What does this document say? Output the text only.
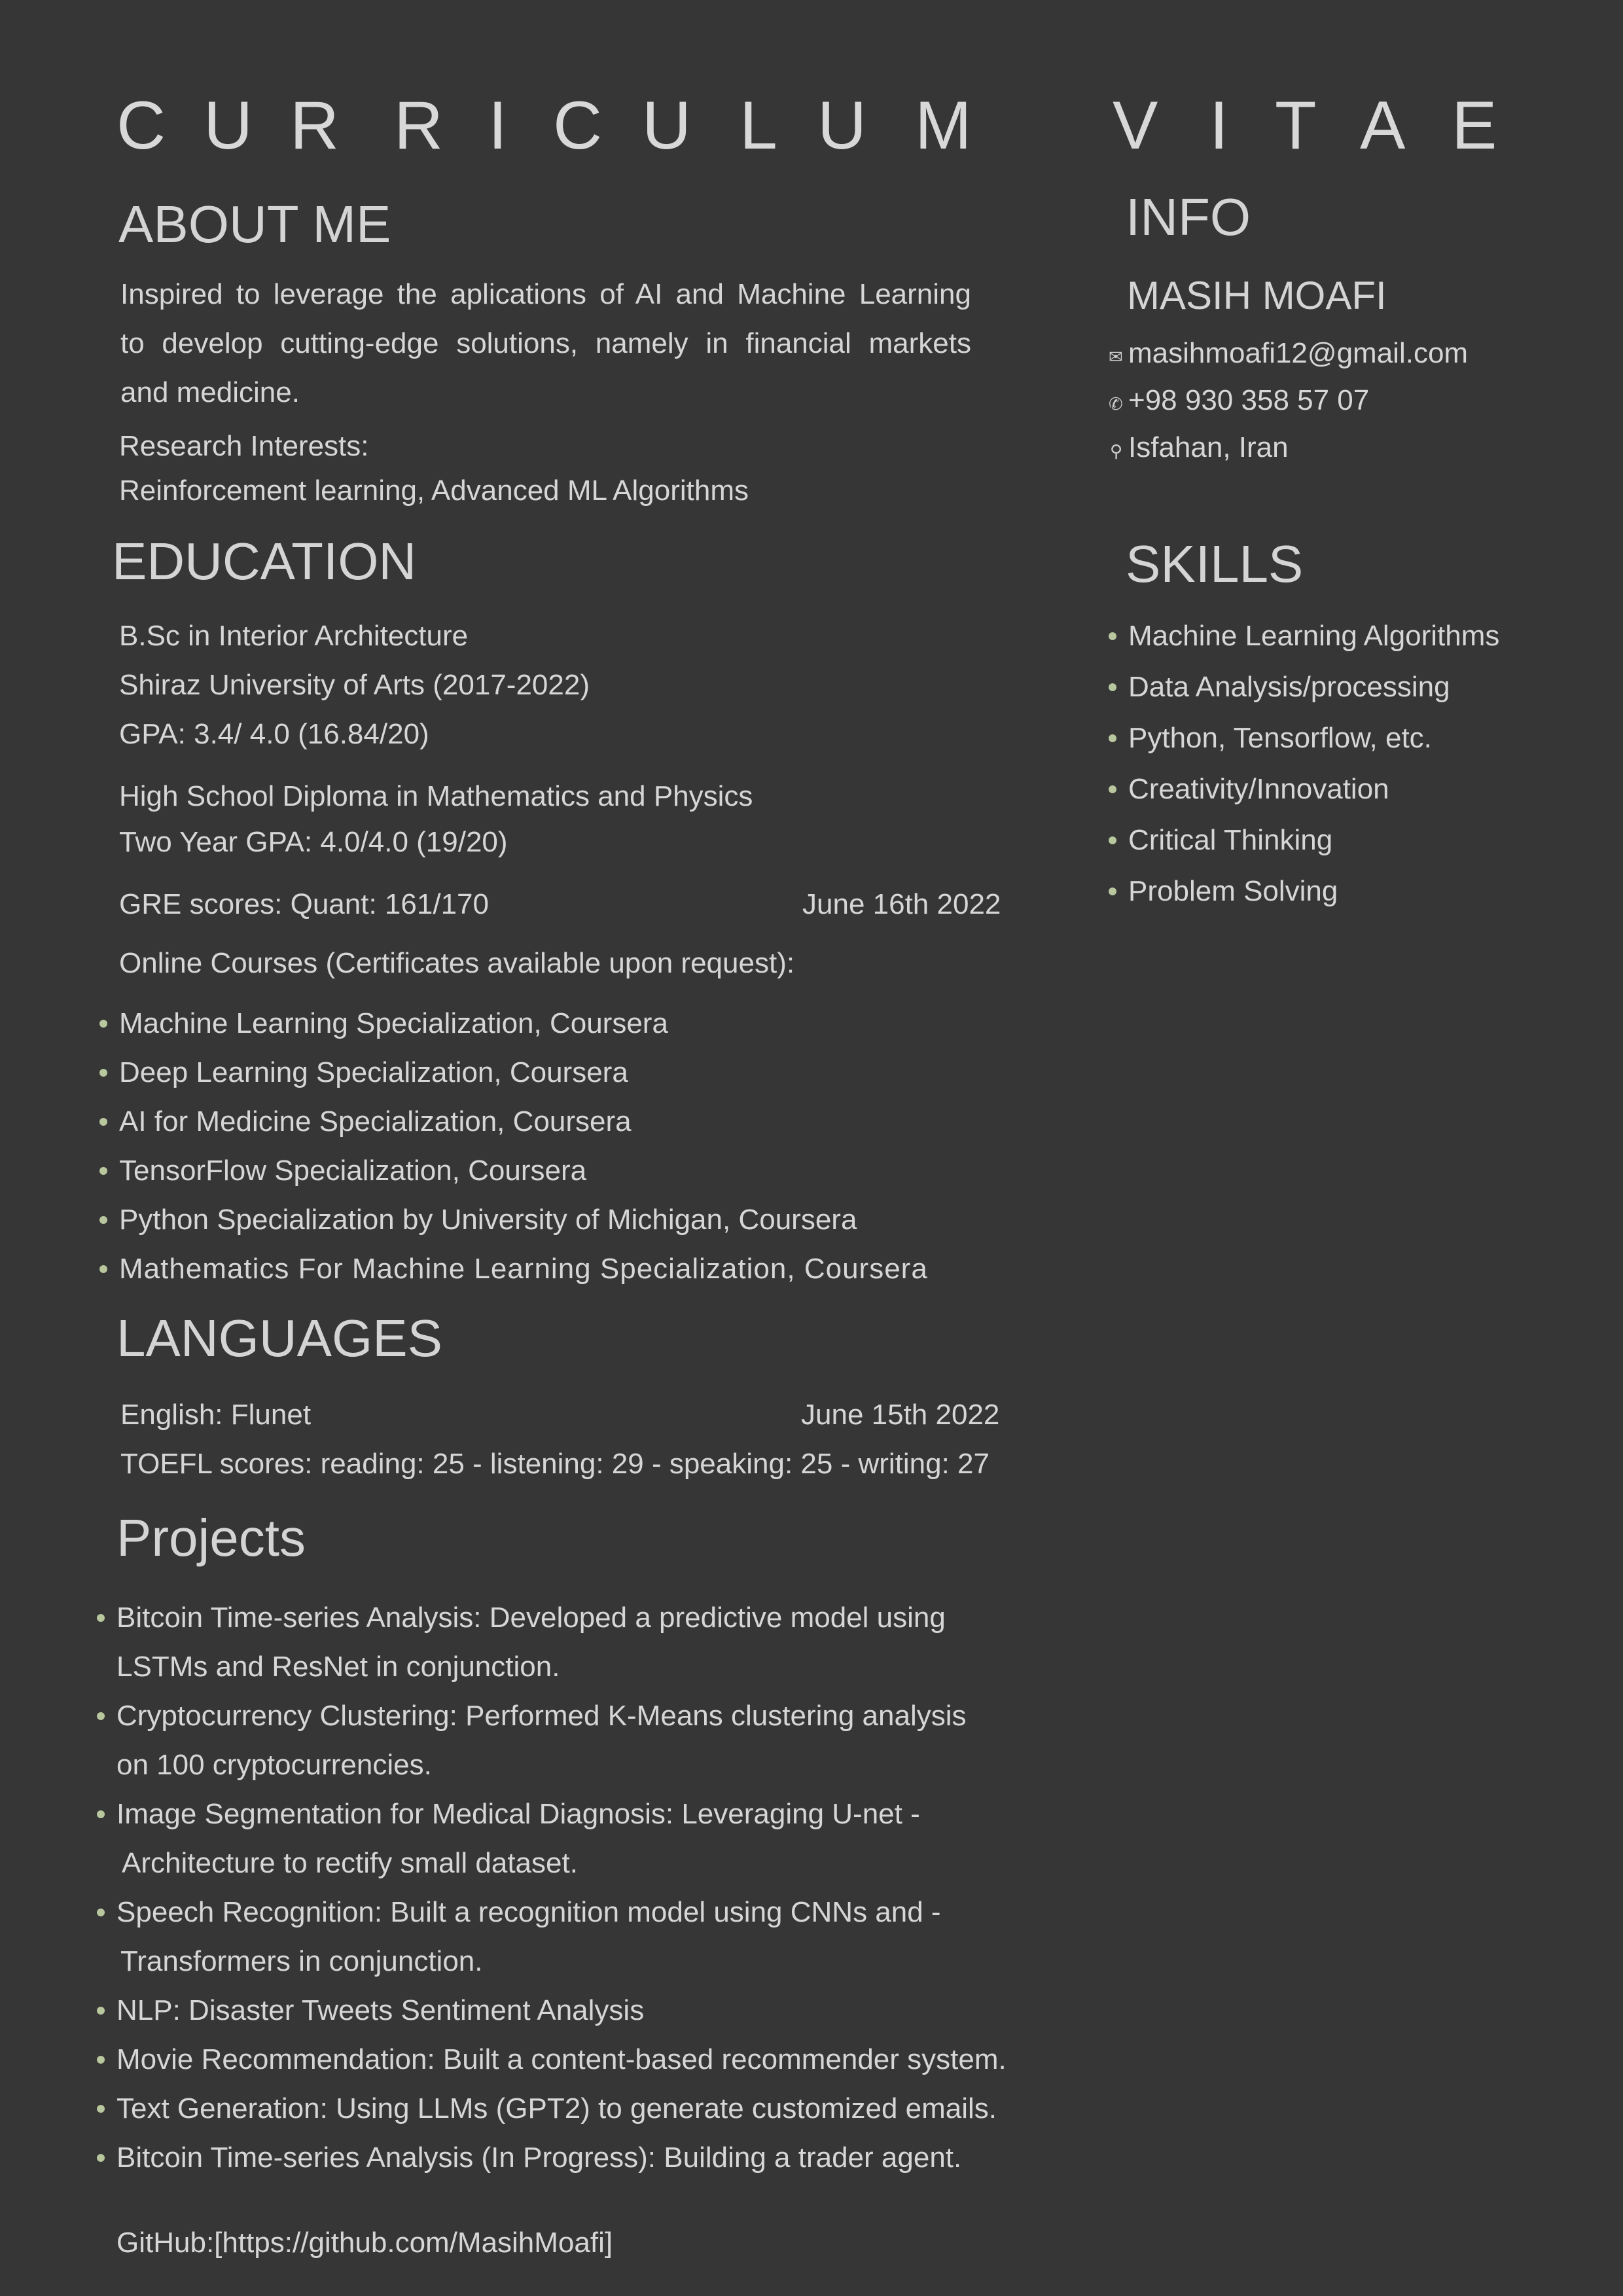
C U R R I C U L U M V I T A E
ABOUT ME
Inspired to leverage the aplications of AI and Machine Learning
to develop cutting-edge solutions, namely in financial markets
and medicine.
Research Interests:
Reinforcement learning, Advanced ML Algorithms
EDUCATION
B.Sc in Interior Architecture
Shiraz University of Arts (2017-2022)
GPA: 3.4/ 4.0 (16.84/20)
High School Diploma in Mathematics and Physics
Two Year GPA: 4.0/4.0 (19/20)
GRE scores: Quant: 161/170	June 16th 2022
Online Courses (Certificates available upon request):
Machine Learning Specialization, Coursera
Deep Learning Specialization, Coursera
AI for Medicine Specialization, Coursera
TensorFlow Specialization, Coursera
Python Specialization by University of Michigan, Coursera
Mathematics For Machine Learning Specialization, Coursera
LANGUAGES
English: Flunet	June 15th 2022
TOEFL scores: reading: 25 - listening: 29 - speaking: 25 - writing: 27
Projects
Bitcoin Time-series Analysis: Developed a predictive model using
LSTMs and ResNet in conjunction.
Cryptocurrency Clustering: Performed K-Means clustering analysis
on 100 cryptocurrencies.
Image Segmentation for Medical Diagnosis: Leveraging U-net -
Architecture to rectify small dataset.
Speech Recognition: Built a recognition model using CNNs and -
Transformers in conjunction.
NLP: Disaster Tweets Sentiment Analysis
Movie Recommendation: Built a content-based recommender system.
Text Generation: Using LLMs (GPT2) to generate customized emails.
Bitcoin Time-series Analysis (In Progress): Building a trader agent.
GitHub:[https://github.com/MasihMoafi]
INFO
MASIH MOAFI
✉ masihmoafi12@gmail.com
✆ +98 930 358 57 07
⚲ Isfahan, Iran
SKILLS
Machine Learning Algorithms
Data Analysis/processing
Python, Tensorflow, etc.
Creativity/Innovation
Critical Thinking
Problem Solving
